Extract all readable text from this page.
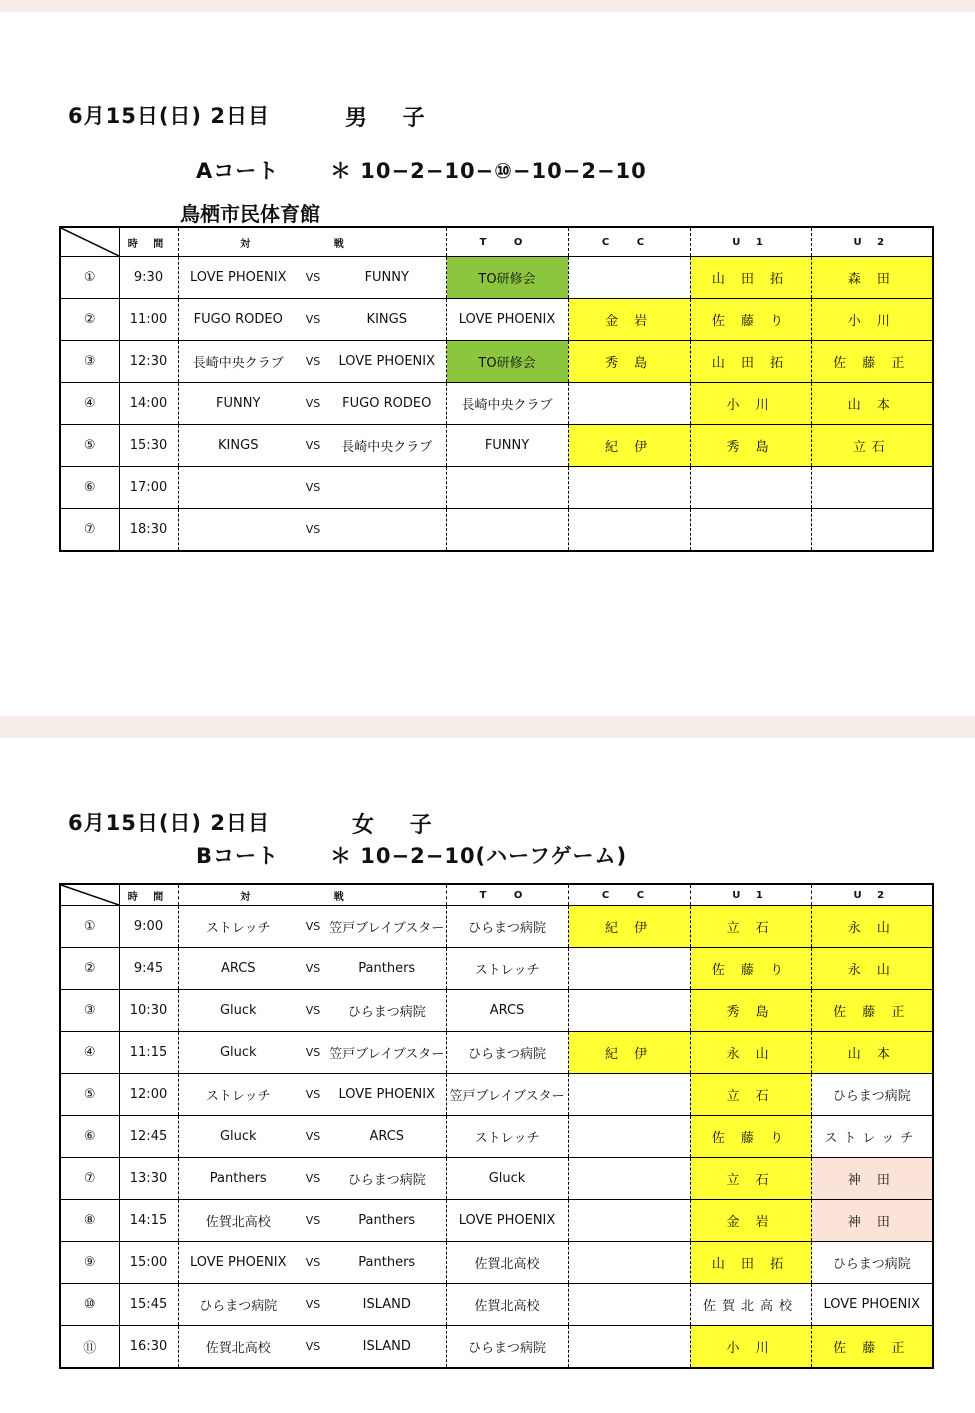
6月15日(日) 2日目	男 子
Aコート ＊ 10−2−10−⑩−10−2−10
鳥栖市民体育館
	時 間	対 戦			T O	C C	U 1	U 2
①	9:30	LOVE PHOENIX	VS	FUNNY	TO研修会		山 田 拓	森 田
②	11:00	FUGO RODEO	VS	KINGS	LOVE PHOENIX	金 岩	佐 藤 り	小 川
③	12:30	長崎中央クラブ	VS	LOVE PHOENIX	TO研修会	秀 島	山 田 拓	佐 藤 正
④	14:00	FUNNY	VS	FUGO RODEO	長崎中央クラブ		小 川	山 本
⑤	15:30	KINGS	VS	長崎中央クラブ	FUNNY	紀 伊	秀 島	立石
⑥	17:00		VS					
⑦	18:30		VS					
6月15日(日) 2日目	女 子
Bコート ＊ 10−2−10(ハーフゲーム)
	時 間	対 戦			T O	C C	U 1	U 2
①	9:00	ストレッチ	VS	笠戸ブレイブスター	ひらまつ病院	紀 伊	立 石	永 山
②	9:45	ARCS	VS	Panthers	ストレッチ		佐 藤 り	永 山
③	10:30	Gluck	VS	ひらまつ病院	ARCS		秀 島	佐 藤 正
④	11:15	Gluck	VS	笠戸ブレイブスター	ひらまつ病院	紀 伊	永 山	山 本
⑤	12:00	ストレッチ	VS	LOVE PHOENIX	笠戸ブレイブスター		立 石	ひらまつ病院
⑥	12:45	Gluck	VS	ARCS	ストレッチ		佐 藤 り	ストレッチ
⑦	13:30	Panthers	VS	ひらまつ病院	Gluck		立 石	神 田
⑧	14:15	佐賀北高校	VS	Panthers	LOVE PHOENIX		金 岩	神 田
⑨	15:00	LOVE PHOENIX	VS	Panthers	佐賀北高校		山 田 拓	ひらまつ病院
⑩	15:45	ひらまつ病院	VS	ISLAND	佐賀北高校		佐賀北高校	LOVE PHOENIX
⑪	16:30	佐賀北高校	VS	ISLAND	ひらまつ病院		小 川	佐 藤 正
